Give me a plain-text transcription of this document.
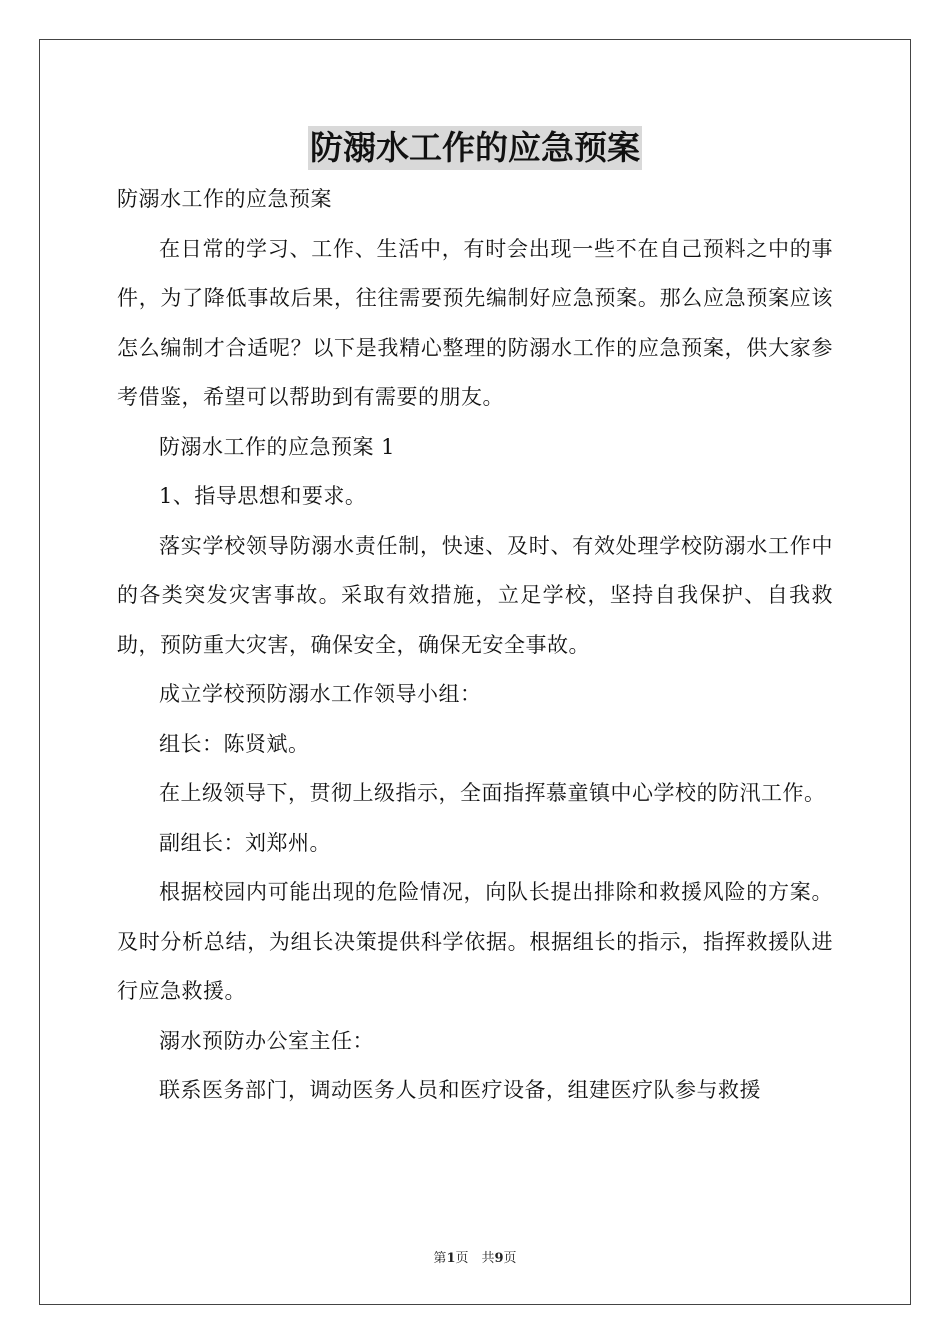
防溺水工作的应急预案

防溺水工作的应急预案

在日常的学习、工作、生活中，有时会出现一些不在自己预料之中的事件，为了降低事故后果，往往需要预先编制好应急预案。那么应急预案应该怎么编制才合适呢？以下是我精心整理的防溺水工作的应急预案，供大家参考借鉴，希望可以帮助到有需要的朋友。

防溺水工作的应急预案 1

1、指导思想和要求。

落实学校领导防溺水责任制，快速、及时、有效处理学校防溺水工作中的各类突发灾害事故。采取有效措施，立足学校，坚持自我保护、自我救助，预防重大灾害，确保安全，确保无安全事故。

成立学校预防溺水工作领导小组：

组长：陈贤斌。

在上级领导下，贯彻上级指示，全面指挥慕童镇中心学校的防汛工作。

副组长：刘郑州。

根据校园内可能出现的危险情况，向队长提出排除和救援风险的方案。及时分析总结，为组长决策提供科学依据。根据组长的指示，指挥救援队进行应急救援。

溺水预防办公室主任：

联系医务部门，调动医务人员和医疗设备，组建医疗队参与救援

第1页　共9页
